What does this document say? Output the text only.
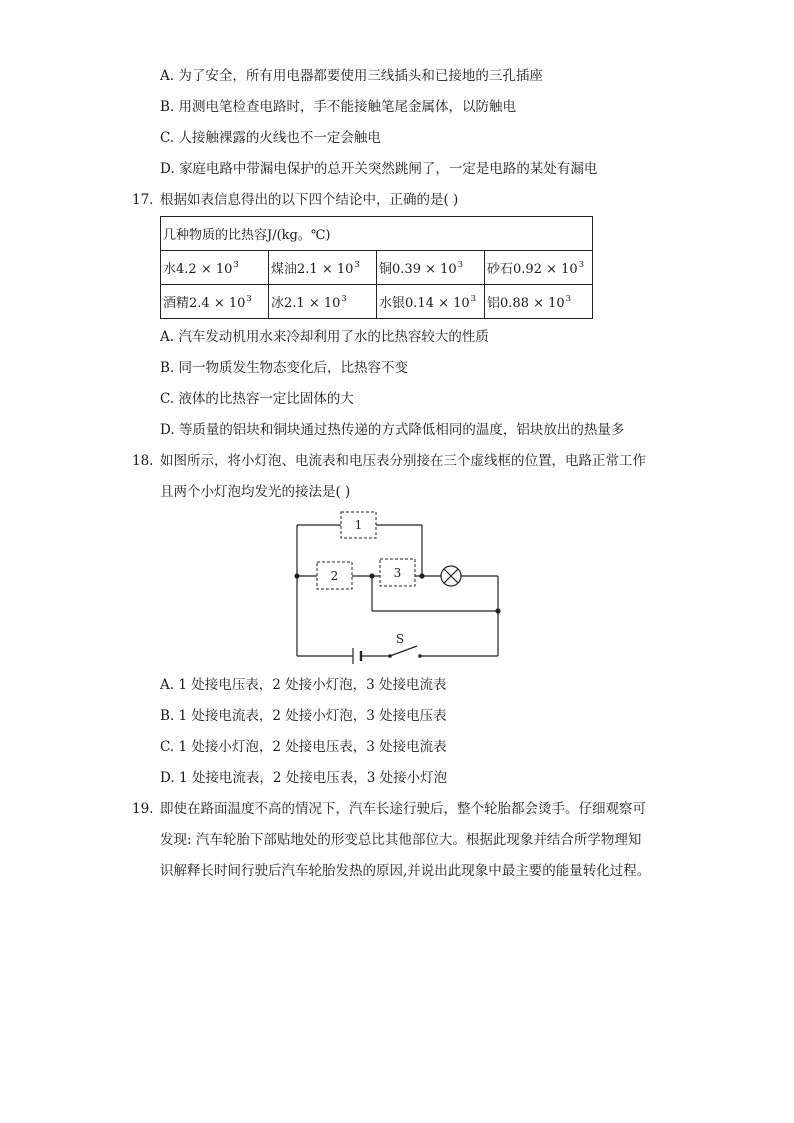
A. 为了安全，所有用电器都要使用三线插头和已接地的三孔插座
B. 用测电笔检查电路时，手不能接触笔尾金属体，以防触电
C. 人接触裸露的火线也不一定会触电
D. 家庭电路中带漏电保护的总开关突然跳闸了，一定是电路的某处有漏电
17. 根据如表信息得出的以下四个结论中，正确的是( )
几种物质的比热容J/(kg。℃)			
水$4.2 \times 10^3$	煤油$2.1 \times 10^3$	铜$0.39 \times 10^3$	砂石$0.92 \times 10^3$
酒精$2.4 \times 10^3$	冰$2.1 \times 10^3$	水银$0.14 \times 10^3$	铝$0.88 \times 10^3$
A. 汽车发动机用水来冷却利用了水的比热容较大的性质
B. 同一物质发生物态变化后，比热容不变
C. 液体的比热容一定比固体的大
D. 等质量的铝块和铜块通过热传递的方式降低相同的温度，铝块放出的热量多
18. 如图所示，将小灯泡、电流表和电压表分别接在三个虚线框的位置，电路正常工作
且两个小灯泡均发光的接法是( )
1
2	3
S
A. 1 处接电压表，2 处接小灯泡，3 处接电流表
B. 1 处接电流表，2 处接小灯泡，3 处接电压表
C. 1 处接小灯泡，2 处接电压表，3 处接电流表
D. 1 处接电流表，2 处接电压表，3 处接小灯泡
19. 即使在路面温度不高的情况下，汽车长途行驶后，整个轮胎都会烫手。仔细观察可
发现: 汽车轮胎下部贴地处的形变总比其他部位大。根据此现象并结合所学物理知
识解释长时间行驶后汽车轮胎发热的原因,并说出此现象中最主要的能量转化过程。
